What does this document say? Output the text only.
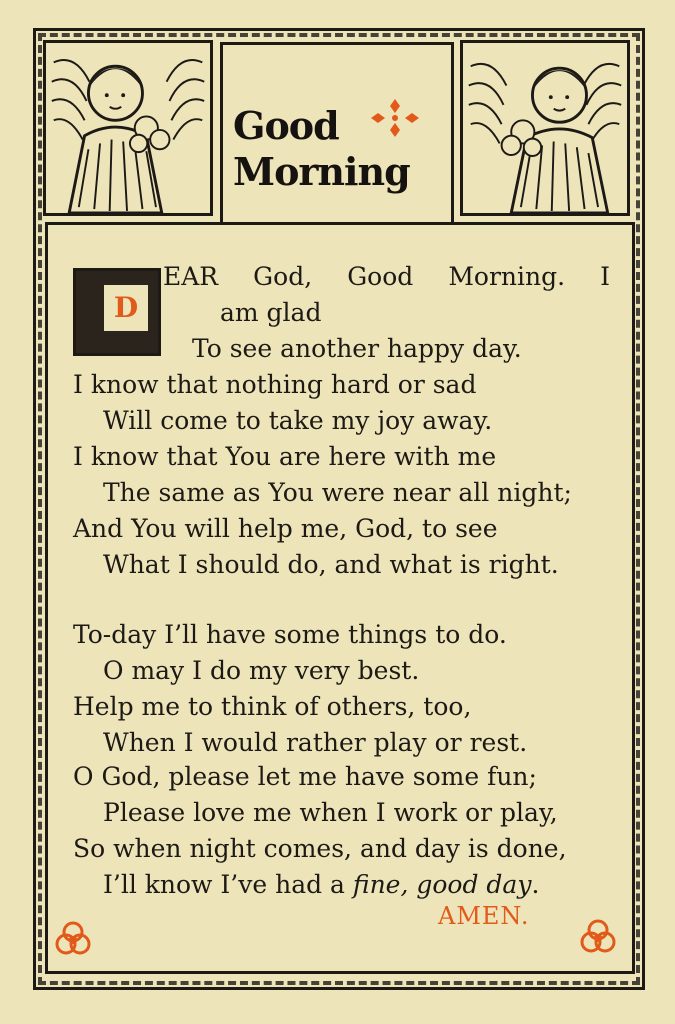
Good
Morning
D
EAR God, Good Morning. I
am glad
To see another happy day.
I know that nothing hard or sad
Will come to take my joy away.
I know that You are here with me
The same as You were near all night;
And You will help me, God, to see
What I should do, and what is right.
To-day I’ll have some things to do.
O may I do my very best.
Help me to think of others, too,
When I would rather play or rest.
O God, please let me have some fun;
Please love me when I work or play,
So when night comes, and day is done,
I’ll know I’ve had a fine, good day.
AMEN.
